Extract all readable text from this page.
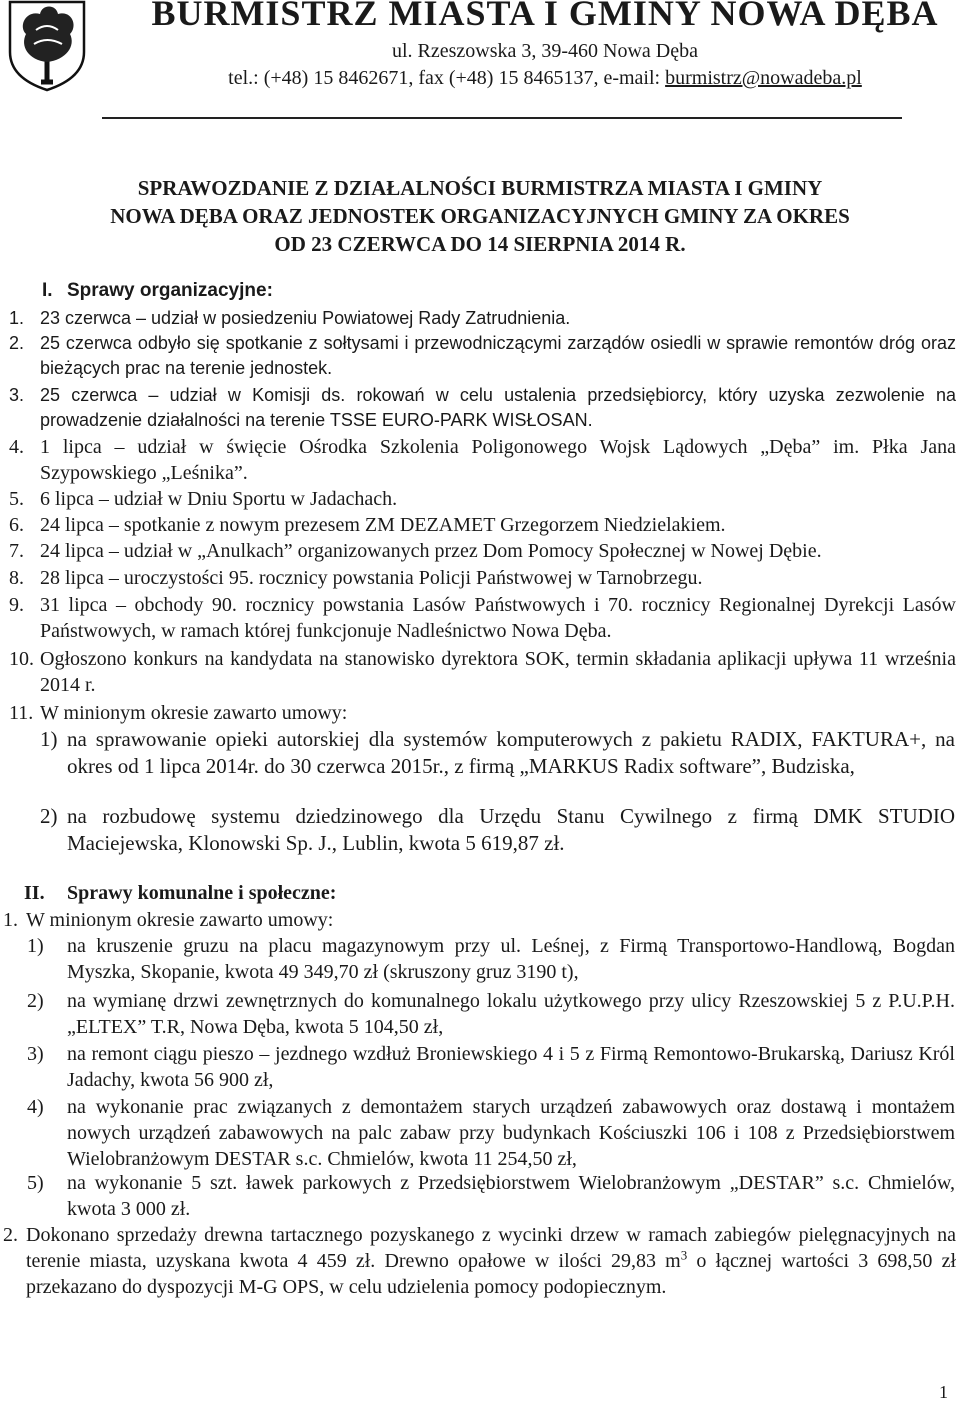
BURMISTRZ MIASTA I GMINY NOWA DĘBA
ul. Rzeszowska 3, 39-460 Nowa Dęba
tel.: (+48) 15 8462671, fax (+48) 15 8465137, e-mail: burmistrz@nowadeba.pl
SPRAWOZDANIE Z DZIAŁALNOŚCI BURMISTRZA MIASTA I GMINY
NOWA DĘBA ORAZ JEDNOSTEK ORGANIZACYJNYCH GMINY ZA OKRES
OD 23 CZERWCA DO 14 SIERPNIA 2014 R.
I. Sprawy organizacyjne:
1. 23 czerwca – udział w posiedzeniu Powiatowej Rady Zatrudnienia.
2. 25 czerwca odbyło się spotkanie z sołtysami i przewodniczącymi zarządów osiedli w sprawie remontów dróg oraz bieżących prac na terenie jednostek.
3. 25 czerwca – udział w Komisji ds. rokowań w celu ustalenia przedsiębiorcy, który uzyska zezwolenie na prowadzenie działalności na terenie TSSE EURO-PARK WISŁOSAN.
4. 1 lipca – udział w święcie Ośrodka Szkolenia Poligonowego Wojsk Lądowych „Dęba” im. Płka Jana Szypowskiego „Leśnika”.
5. 6 lipca – udział w Dniu Sportu w Jadachach.
6. 24 lipca – spotkanie z nowym prezesem ZM DEZAMET Grzegorzem Niedzielakiem.
7. 24 lipca – udział w „Anulkach” organizowanych przez Dom Pomocy Społecznej w Nowej Dębie.
8. 28 lipca – uroczystości 95. rocznicy powstania Policji Państwowej w Tarnobrzegu.
9. 31 lipca – obchody 90. rocznicy powstania Lasów Państwowych i 70. rocznicy Regionalnej Dyrekcji Lasów Państwowych, w ramach której funkcjonuje Nadleśnictwo Nowa Dęba.
10. Ogłoszono konkurs na kandydata na stanowisko dyrektora SOK, termin składania aplikacji upływa 11 września 2014 r.
11. W minionym okresie zawarto umowy:
1) na sprawowanie opieki autorskiej dla systemów komputerowych z pakietu RADIX, FAKTURA+, na okres od 1 lipca 2014r. do 30 czerwca 2015r., z firmą „MARKUS Radix software”, Budziska,
2) na rozbudowę systemu dziedzinowego dla Urzędu Stanu Cywilnego z firmą DMK STUDIO Maciejewska, Klonowski Sp. J., Lublin, kwota 5 619,87 zł.
II. Sprawy komunalne i społeczne:
1. W minionym okresie zawarto umowy:
1) na kruszenie gruzu na placu magazynowym przy ul. Leśnej, z Firmą Transportowo-Handlową, Bogdan Myszka, Skopanie, kwota 49 349,70 zł (skruszony gruz 3190 t),
2) na wymianę drzwi zewnętrznych do komunalnego lokalu użytkowego przy ulicy Rzeszowskiej 5 z P.U.P.H. „ELTEX” T.R, Nowa Dęba, kwota 5 104,50 zł,
3) na remont ciągu pieszo – jezdnego wzdłuż Broniewskiego 4 i 5 z Firmą Remontowo-Brukarską, Dariusz Król Jadachy, kwota 56 900 zł,
4) na wykonanie prac związanych z demontażem starych urządzeń zabawowych oraz dostawą i montażem nowych urządzeń zabawowych na palc zabaw przy budynkach Kościuszki 106 i 108 z Przedsiębiorstwem Wielobranżowym DESTAR s.c. Chmielów, kwota 11 254,50 zł,
5) na wykonanie 5 szt. ławek parkowych z Przedsiębiorstwem Wielobranżowym „DESTAR” s.c. Chmielów, kwota 3 000 zł.
2. Dokonano sprzedaży drewna tartacznego pozyskanego z wycinki drzew w ramach zabiegów pielęgnacyjnych na terenie miasta, uzyskana kwota 4 459 zł. Drewno opałowe w ilości 29,83 $m^3$ o łącznej wartości 3 698,50 zł przekazano do dyspozycji M-G OPS, w celu udzielenia pomocy podopiecznym.
1
